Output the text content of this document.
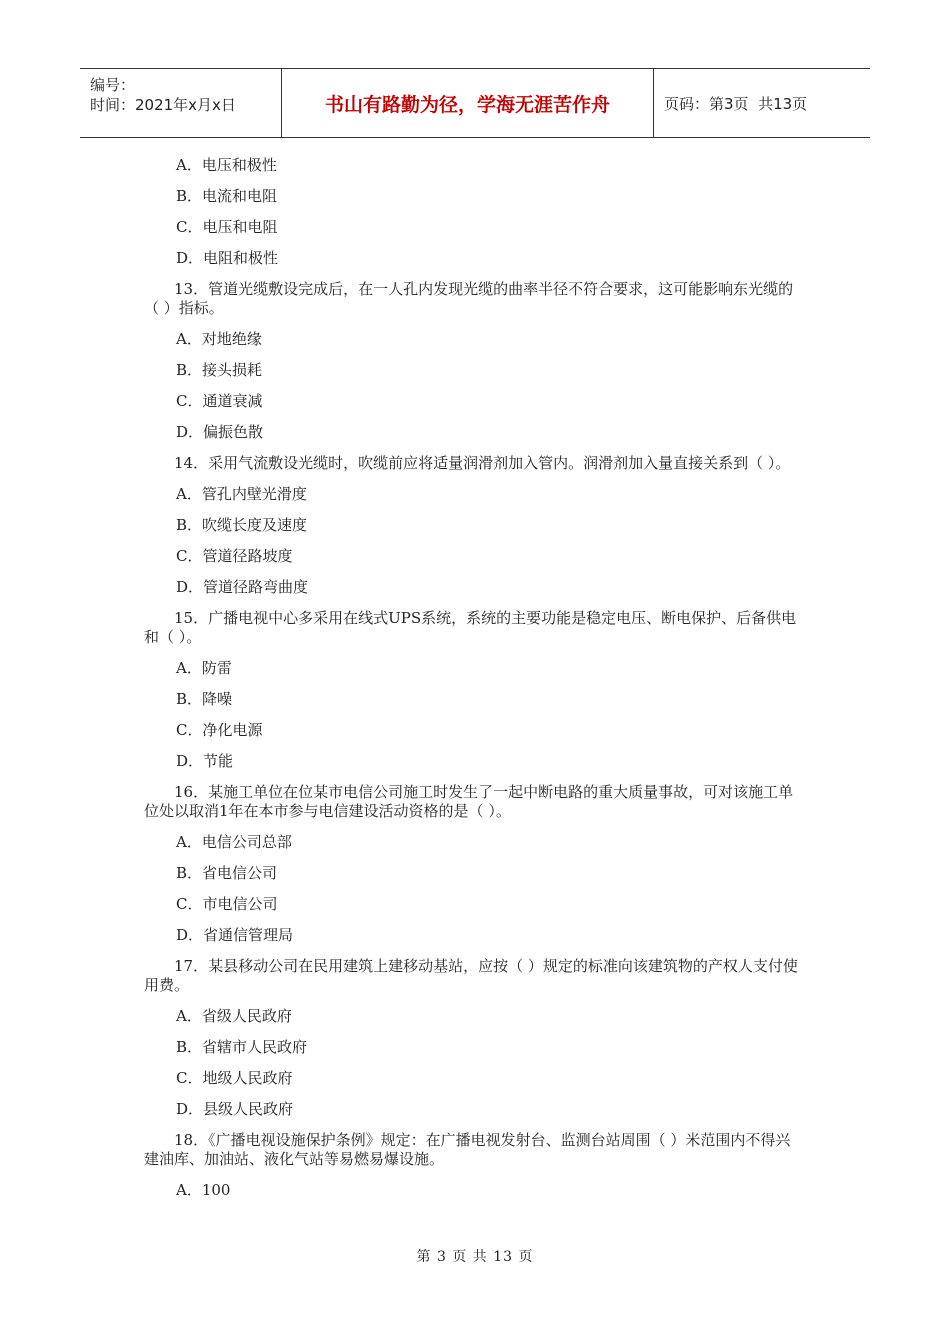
编号：
时间：2021年x月x日	书山有路勤为径，学海无涯苦作舟	页码：第3页  共13页
A．电压和极性
B．电流和电阻
C．电压和电阻
D．电阻和极性
13．管道光缆敷设完成后，在一人孔内发现光缆的曲率半径不符合要求，这可能影响东光缆的（ ）指标。
A．对地绝缘
B．接头损耗
C．通道衰减
D．偏振色散
14．采用气流敷设光缆时，吹缆前应将适量润滑剂加入管内。润滑剂加入量直接关系到（ ）。
A．管孔内壁光滑度
B．吹缆长度及速度
C．管道径路坡度
D．管道径路弯曲度
15．广播电视中心多采用在线式UPS系统，系统的主要功能是稳定电压、断电保护、后备供电和（ ）。
A．防雷
B．降噪
C．净化电源
D．节能
16．某施工单位在位某市电信公司施工时发生了一起中断电路的重大质量事故，可对该施工单位处以取消1年在本市参与电信建设活动资格的是（ ）。
A．电信公司总部
B．省电信公司
C．市电信公司
D．省通信管理局
17．某县移动公司在民用建筑上建移动基站，应按（ ）规定的标准向该建筑物的产权人支付使用费。
A．省级人民政府
B．省辖市人民政府
C．地级人民政府
D．县级人民政府
18．《广播电视设施保护条例》规定：在广播电视发射台、监测台站周围（ ）米范围内不得兴建油库、加油站、液化气站等易燃易爆设施。
A．100
第 3 页 共 13 页
